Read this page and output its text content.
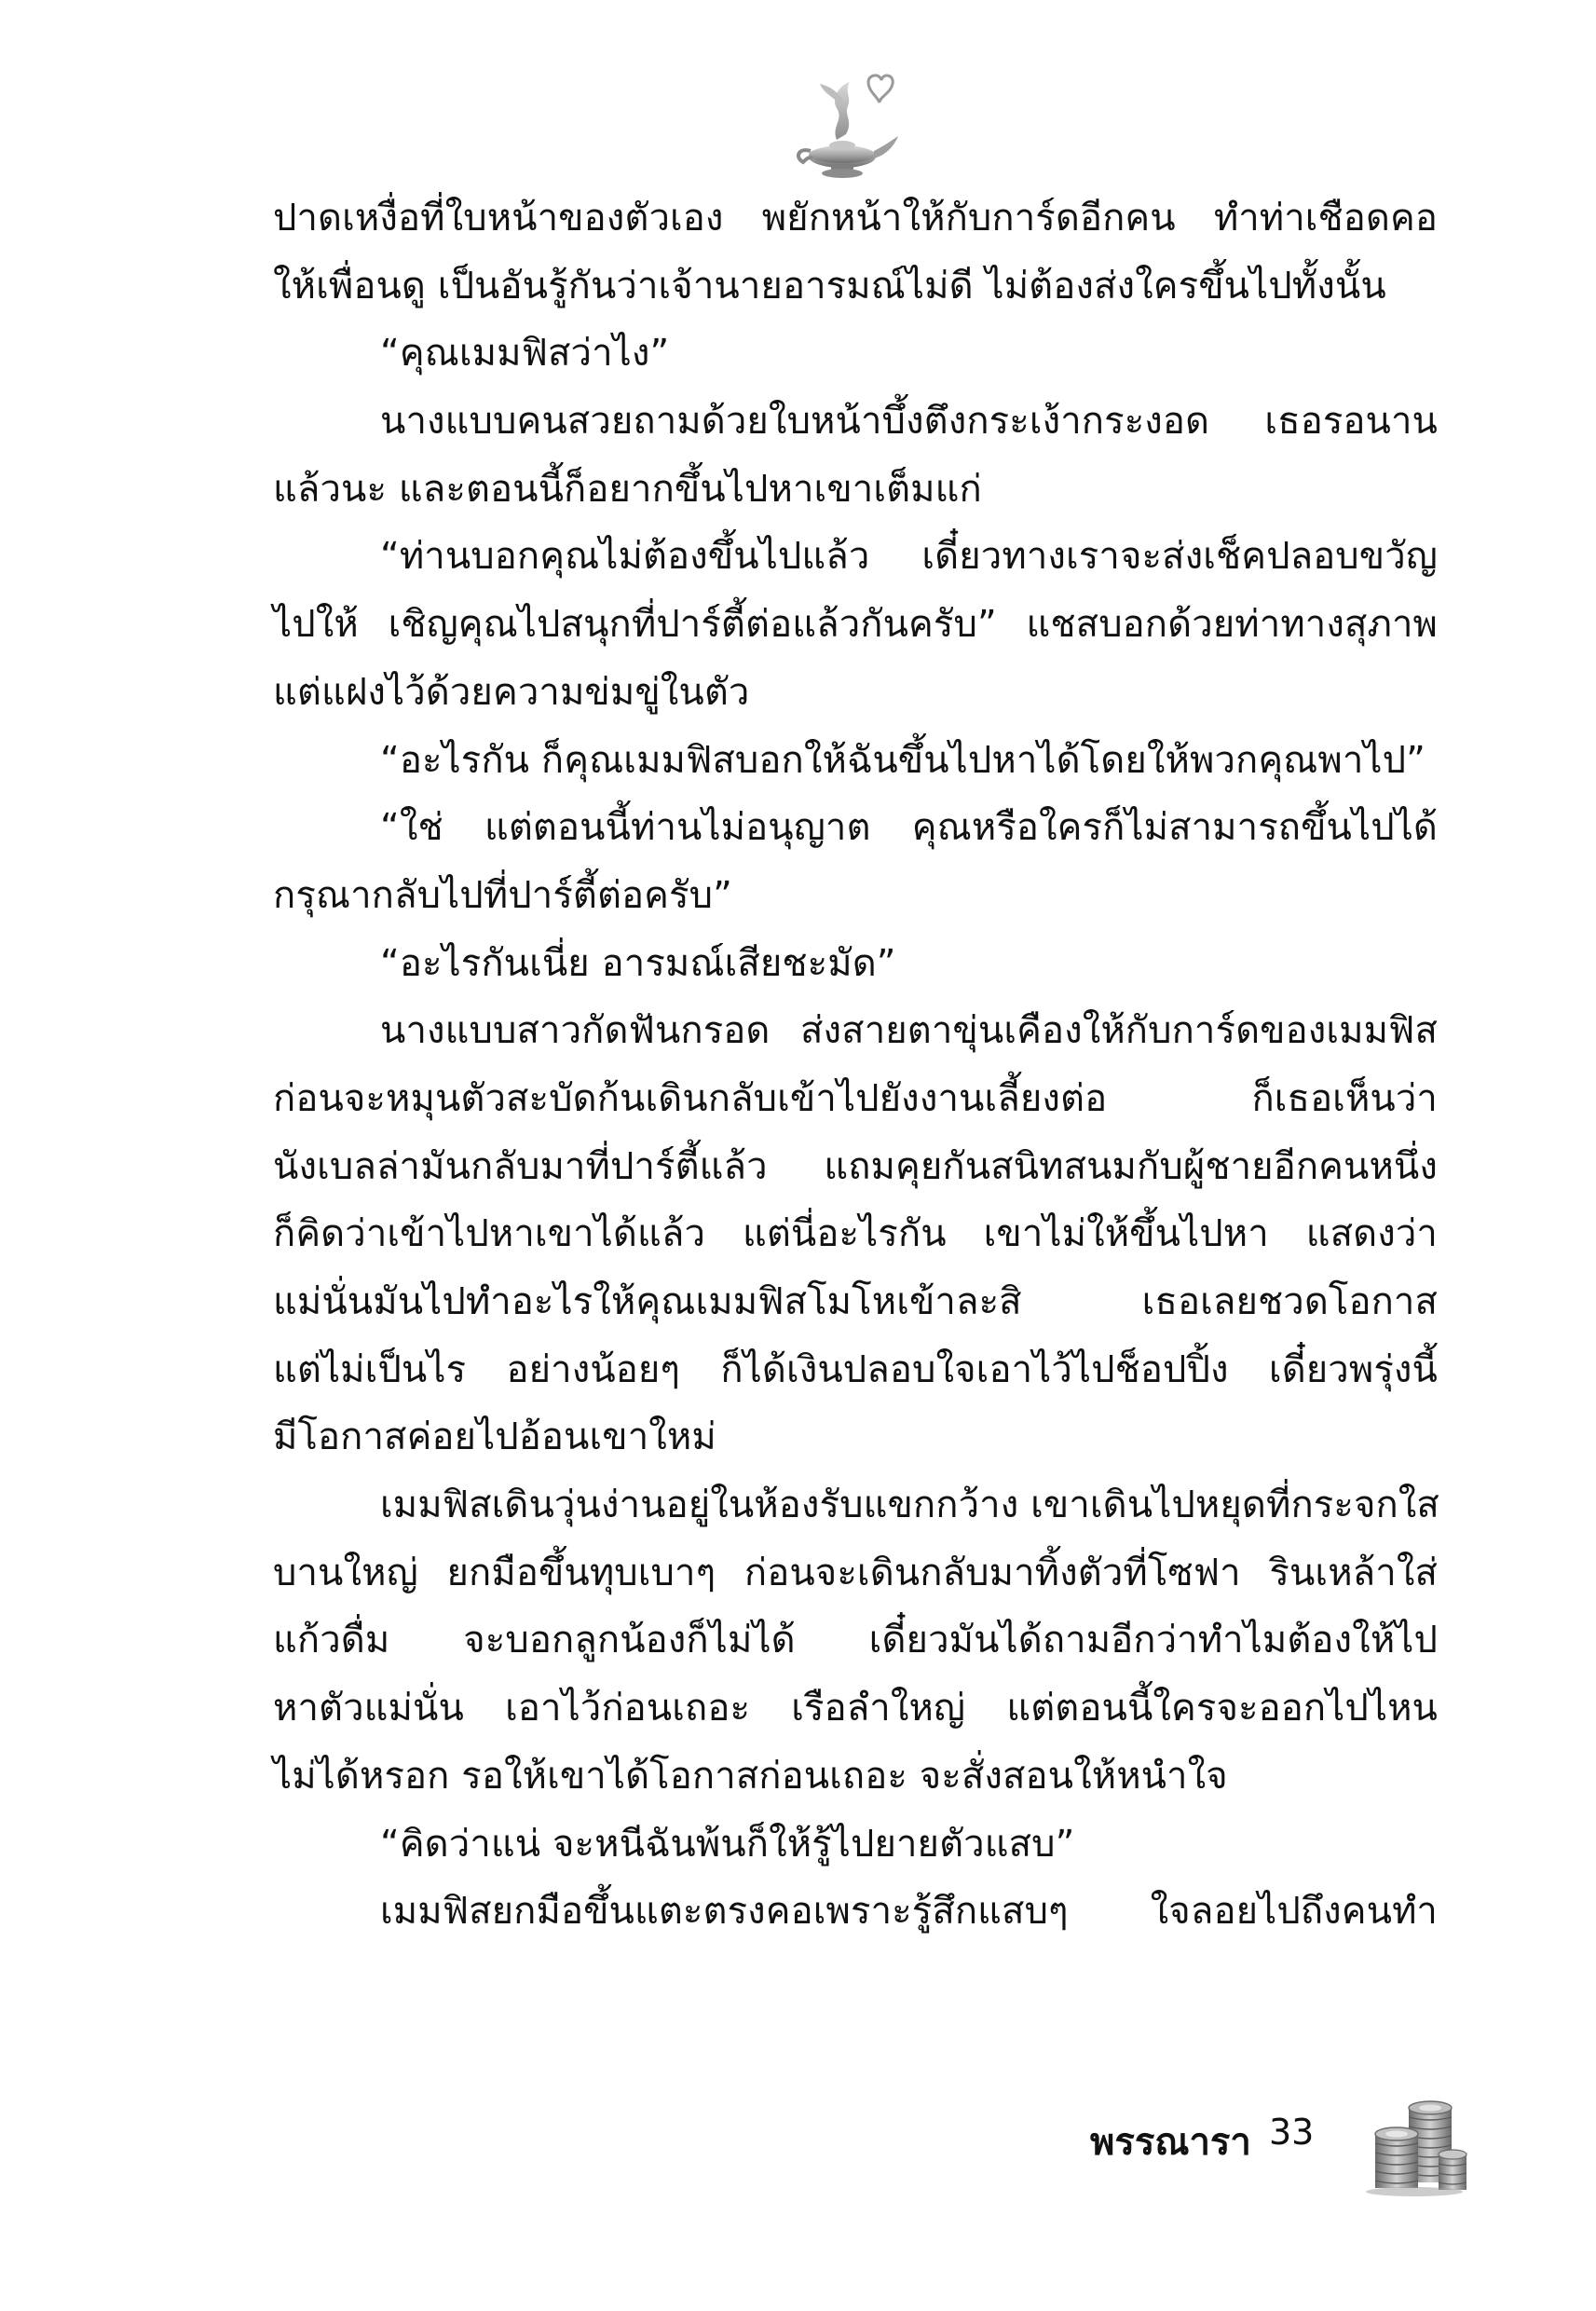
ปาดเหงื่อที่ใบหน้าของตัวเอง พยักหน้าให้กับการ์ดอีกคน ทำท่าเชือดคอ
ให้เพื่อนดู เป็นอันรู้กันว่าเจ้านายอารมณ์ไม่ดี ไม่ต้องส่งใครขึ้นไปทั้งนั้น
“คุณเมมฟิสว่าไง”
นางแบบคนสวยถามด้วยใบหน้าบึ้งตึงกระเง้ากระงอด เธอรอนาน
แล้วนะ และตอนนี้ก็อยากขึ้นไปหาเขาเต็มแก่
“ท่านบอกคุณไม่ต้องขึ้นไปแล้ว เดี๋ยวทางเราจะส่งเช็คปลอบขวัญ
ไปให้ เชิญคุณไปสนุกที่ปาร์ตี้ต่อแล้วกันครับ” แชสบอกด้วยท่าทางสุภาพ
แต่แฝงไว้ด้วยความข่มขู่ในตัว
“อะไรกัน ก็คุณเมมฟิสบอกให้ฉันขึ้นไปหาได้โดยให้พวกคุณพาไป”
“ใช่ แต่ตอนนี้ท่านไม่อนุญาต คุณหรือใครก็ไม่สามารถขึ้นไปได้
กรุณากลับไปที่ปาร์ตี้ต่อครับ”
“อะไรกันเนี่ย อารมณ์เสียชะมัด”
นางแบบสาวกัดฟันกรอด ส่งสายตาขุ่นเคืองให้กับการ์ดของเมมฟิส
ก่อนจะหมุนตัวสะบัดก้นเดินกลับเข้าไปยังงานเลี้ยงต่อ ก็เธอเห็นว่า
นังเบลล่ามันกลับมาที่ปาร์ตี้แล้ว แถมคุยกันสนิทสนมกับผู้ชายอีกคนหนึ่ง
ก็คิดว่าเข้าไปหาเขาได้แล้ว แต่นี่อะไรกัน เขาไม่ให้ขึ้นไปหา แสดงว่า
แม่นั่นมันไปทำอะไรให้คุณเมมฟิสโมโหเข้าละสิ เธอเลยชวดโอกาส
แต่ไม่เป็นไร อย่างน้อยๆ ก็ได้เงินปลอบใจเอาไว้ไปช็อปปิ้ง เดี๋ยวพรุ่งนี้
มีโอกาสค่อยไปอ้อนเขาใหม่
เมมฟิสเดินวุ่นง่านอยู่ในห้องรับแขกกว้าง เขาเดินไปหยุดที่กระจกใส
บานใหญ่ ยกมือขึ้นทุบเบาๆ ก่อนจะเดินกลับมาทิ้งตัวที่โซฟา รินเหล้าใส่
แก้วดื่ม จะบอกลูกน้องก็ไม่ได้ เดี๋ยวมันได้ถามอีกว่าทำไมต้องให้ไป
หาตัวแม่นั่น เอาไว้ก่อนเถอะ เรือลำใหญ่ แต่ตอนนี้ใครจะออกไปไหน
ไม่ได้หรอก รอให้เขาได้โอกาสก่อนเถอะ จะสั่งสอนให้หนำใจ
“คิดว่าแน่ จะหนีฉันพ้นก็ให้รู้ไปยายตัวแสบ”
เมมฟิสยกมือขึ้นแตะตรงคอเพราะรู้สึกแสบๆ ใจลอยไปถึงคนทำ
พรรณารา 33
